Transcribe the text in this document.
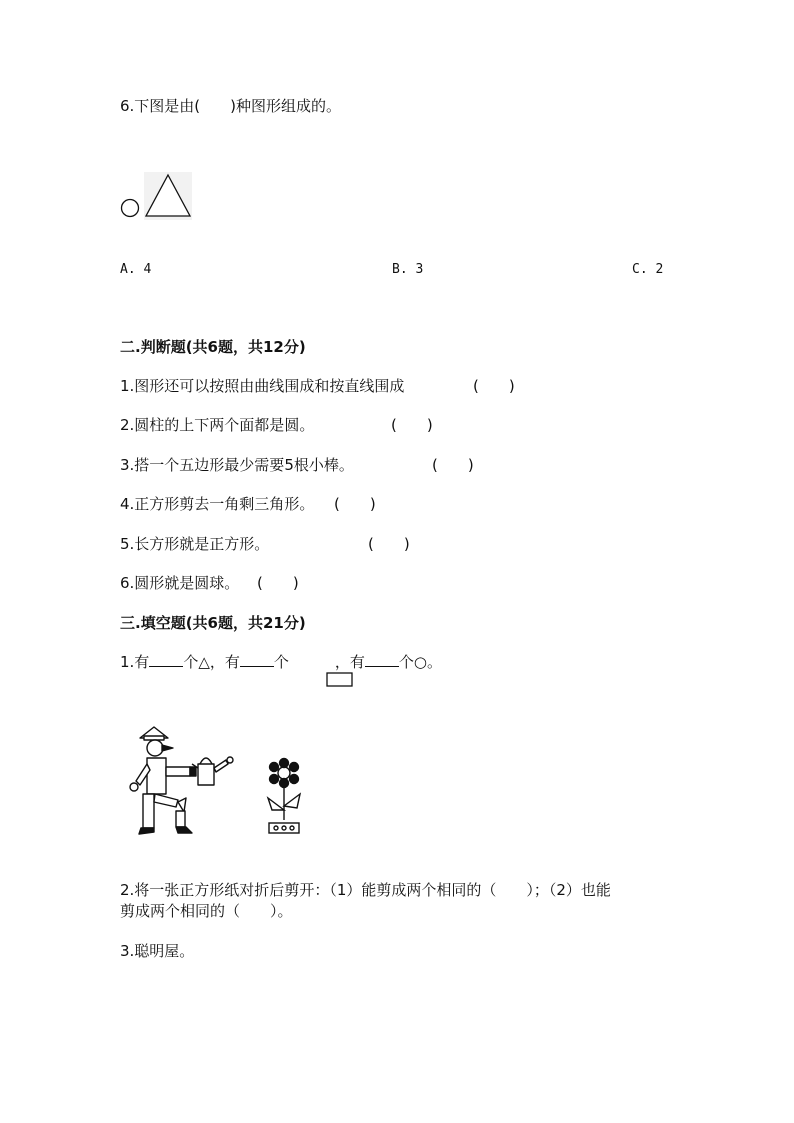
6.下图是由(　　)种图形组成的。
A. 4	B. 3	C. 2
二.判断题(共6题，共12分)
1.图形还可以按照由曲线围成和按直线围成	(　　)
2.圆柱的上下两个面都是圆。	(　　)
3.搭一个五边形最少需要5根小棒。	(　　)
4.正方形剪去一角剩三角形。 (　　)
5.长方形就是正方形。	(　　)
6.圆形就是圆球。 (　　)
三.填空题(共6题，共21分)
1.有 个△，有 个	，有 个○。
2.将一张正方形纸对折后剪开：（1）能剪成两个相同的（　　）；（2）也能
剪成两个相同的（　　）。
3.聪明屋。
